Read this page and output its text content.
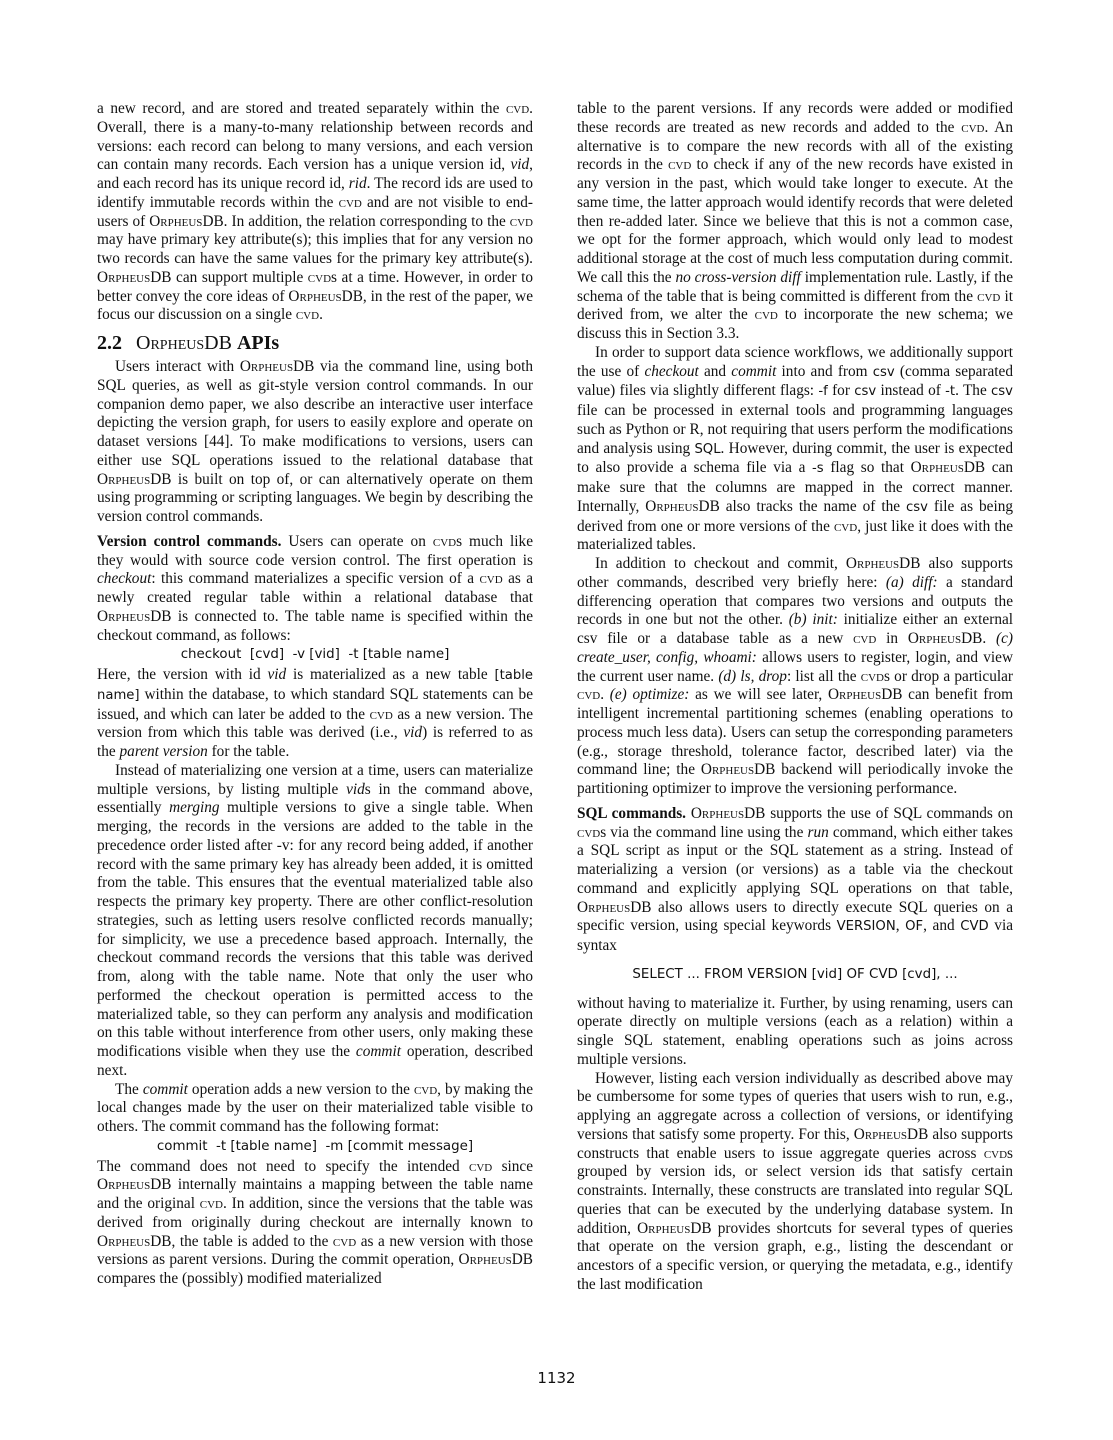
a new record, and are stored and treated separately within the cvd. Overall, there is a many-to-many relationship between records and versions: each record can belong to many versions, and each version can contain many records. Each version has a unique version id, vid, and each record has its unique record id, rid. The record ids are used to identify immutable records within the cvd and are not visible to end-users of OrpheusDB. In addition, the relation corresponding to the cvd may have primary key attribute(s); this implies that for any version no two records can have the same values for the primary key attribute(s). OrpheusDB can support multiple cvds at a time. However, in order to better convey the core ideas of OrpheusDB, in the rest of the paper, we focus our discussion on a single cvd.

2.2 OrpheusDB APIs

Users interact with OrpheusDB via the command line, using both SQL queries, as well as git-style version control commands. In our companion demo paper, we also describe an interactive user interface depicting the version graph, for users to easily explore and operate on dataset versions [44]. To make modifications to versions, users can either use SQL operations issued to the relational database that OrpheusDB is built on top of, or can alternatively operate on them using programming or scripting languages. We begin by describing the version control commands.

Version control commands. Users can operate on cvds much like they would with source code version control. The first operation is checkout: this command materializes a specific version of a cvd as a newly created regular table within a relational database that OrpheusDB is connected to. The table name is specified within the checkout command, as follows:

checkout  [cvd]  -v [vid]  -t [table name]

Here, the version with id vid is materialized as a new table [table name] within the database, to which standard SQL statements can be issued, and which can later be added to the cvd as a new version. The version from which this table was derived (i.e., vid) is referred to as the parent version for the table.

Instead of materializing one version at a time, users can materialize multiple versions, by listing multiple vids in the command above, essentially merging multiple versions to give a single table. When merging, the records in the versions are added to the table in the precedence order listed after -v: for any record being added, if another record with the same primary key has already been added, it is omitted from the table. This ensures that the eventual materialized table also respects the primary key property. There are other conflict-resolution strategies, such as letting users resolve conflicted records manually; for simplicity, we use a precedence based approach. Internally, the checkout command records the versions that this table was derived from, along with the table name. Note that only the user who performed the checkout operation is permitted access to the materialized table, so they can perform any analysis and modification on this table without interference from other users, only making these modifications visible when they use the commit operation, described next.

The commit operation adds a new version to the cvd, by making the local changes made by the user on their materialized table visible to others. The commit command has the following format:

commit  -t [table name]  -m [commit message]

The command does not need to specify the intended cvd since OrpheusDB internally maintains a mapping between the table name and the original cvd. In addition, since the versions that the table was derived from originally during checkout are internally known to OrpheusDB, the table is added to the cvd as a new version with those versions as parent versions. During the commit operation, OrpheusDB compares the (possibly) modified materialized

table to the parent versions. If any records were added or modified these records are treated as new records and added to the cvd. An alternative is to compare the new records with all of the existing records in the cvd to check if any of the new records have existed in any version in the past, which would take longer to execute. At the same time, the latter approach would identify records that were deleted then re-added later. Since we believe that this is not a common case, we opt for the former approach, which would only lead to modest additional storage at the cost of much less computation during commit. We call this the no cross-version diff implementation rule. Lastly, if the schema of the table that is being committed is different from the cvd it derived from, we alter the cvd to incorporate the new schema; we discuss this in Section 3.3.

In order to support data science workflows, we additionally support the use of checkout and commit into and from csv (comma separated value) files via slightly different flags: -f for csv instead of -t. The csv file can be processed in external tools and programming languages such as Python or R, not requiring that users perform the modifications and analysis using SQL. However, during commit, the user is expected to also provide a schema file via a -s flag so that OrpheusDB can make sure that the columns are mapped in the correct manner. Internally, OrpheusDB also tracks the name of the csv file as being derived from one or more versions of the cvd, just like it does with the materialized tables.

In addition to checkout and commit, OrpheusDB also supports other commands, described very briefly here: (a) diff: a standard differencing operation that compares two versions and outputs the records in one but not the other. (b) init: initialize either an external csv file or a database table as a new cvd in OrpheusDB. (c) create_user, config, whoami: allows users to register, login, and view the current user name. (d) ls, drop: list all the cvds or drop a particular cvd. (e) optimize: as we will see later, OrpheusDB can benefit from intelligent incremental partitioning schemes (enabling operations to process much less data). Users can setup the corresponding parameters (e.g., storage threshold, tolerance factor, described later) via the command line; the OrpheusDB backend will periodically invoke the partitioning optimizer to improve the versioning performance.

SQL commands. OrpheusDB supports the use of SQL commands on cvds via the command line using the run command, which either takes a SQL script as input or the SQL statement as a string. Instead of materializing a version (or versions) as a table via the checkout command and explicitly applying SQL operations on that table, OrpheusDB also allows users to directly execute SQL queries on a specific version, using special keywords VERSION, OF, and CVD via syntax

SELECT ... FROM VERSION [vid] OF CVD [cvd], ...

without having to materialize it. Further, by using renaming, users can operate directly on multiple versions (each as a relation) within a single SQL statement, enabling operations such as joins across multiple versions.

However, listing each version individually as described above may be cumbersome for some types of queries that users wish to run, e.g., applying an aggregate across a collection of versions, or identifying versions that satisfy some property. For this, OrpheusDB also supports constructs that enable users to issue aggregate queries across cvds grouped by version ids, or select version ids that satisfy certain constraints. Internally, these constructs are translated into regular SQL queries that can be executed by the underlying database system. In addition, OrpheusDB provides shortcuts for several types of queries that operate on the version graph, e.g., listing the descendant or ancestors of a specific version, or querying the metadata, e.g., identify the last modification

1132
